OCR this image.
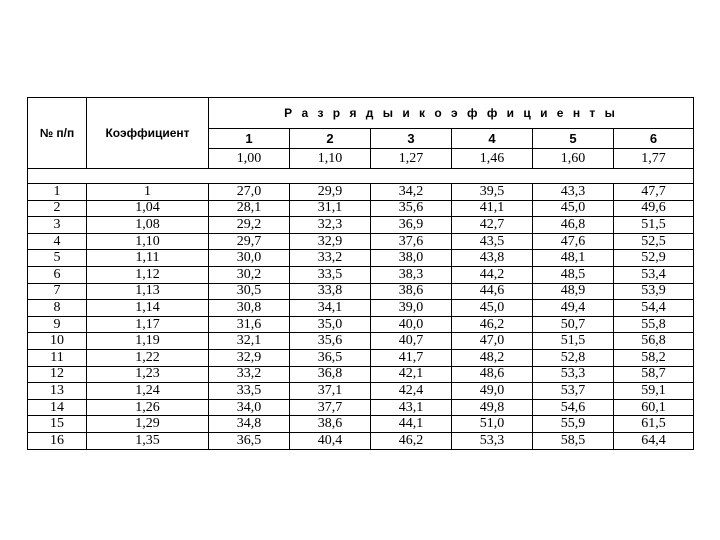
№ п/п	Коэффициент	Р а з р я д ы и к о э ф ф и ц и е н т ы					
		1	2	3	4	5	6
		1,00	1,10	1,27	1,46	1,60	1,77

1	1	27,0	29,9	34,2	39,5	43,3	47,7
2	1,04	28,1	31,1	35,6	41,1	45,0	49,6
3	1,08	29,2	32,3	36,9	42,7	46,8	51,5
4	1,10	29,7	32,9	37,6	43,5	47,6	52,5
5	1,11	30,0	33,2	38,0	43,8	48,1	52,9
6	1,12	30,2	33,5	38,3	44,2	48,5	53,4
7	1,13	30,5	33,8	38,6	44,6	48,9	53,9
8	1,14	30,8	34,1	39,0	45,0	49,4	54,4
9	1,17	31,6	35,0	40,0	46,2	50,7	55,8
10	1,19	32,1	35,6	40,7	47,0	51,5	56,8
11	1,22	32,9	36,5	41,7	48,2	52,8	58,2
12	1,23	33,2	36,8	42,1	48,6	53,3	58,7
13	1,24	33,5	37,1	42,4	49,0	53,7	59,1
14	1,26	34,0	37,7	43,1	49,8	54,6	60,1
15	1,29	34,8	38,6	44,1	51,0	55,9	61,5
16	1,35	36,5	40,4	46,2	53,3	58,5	64,4
